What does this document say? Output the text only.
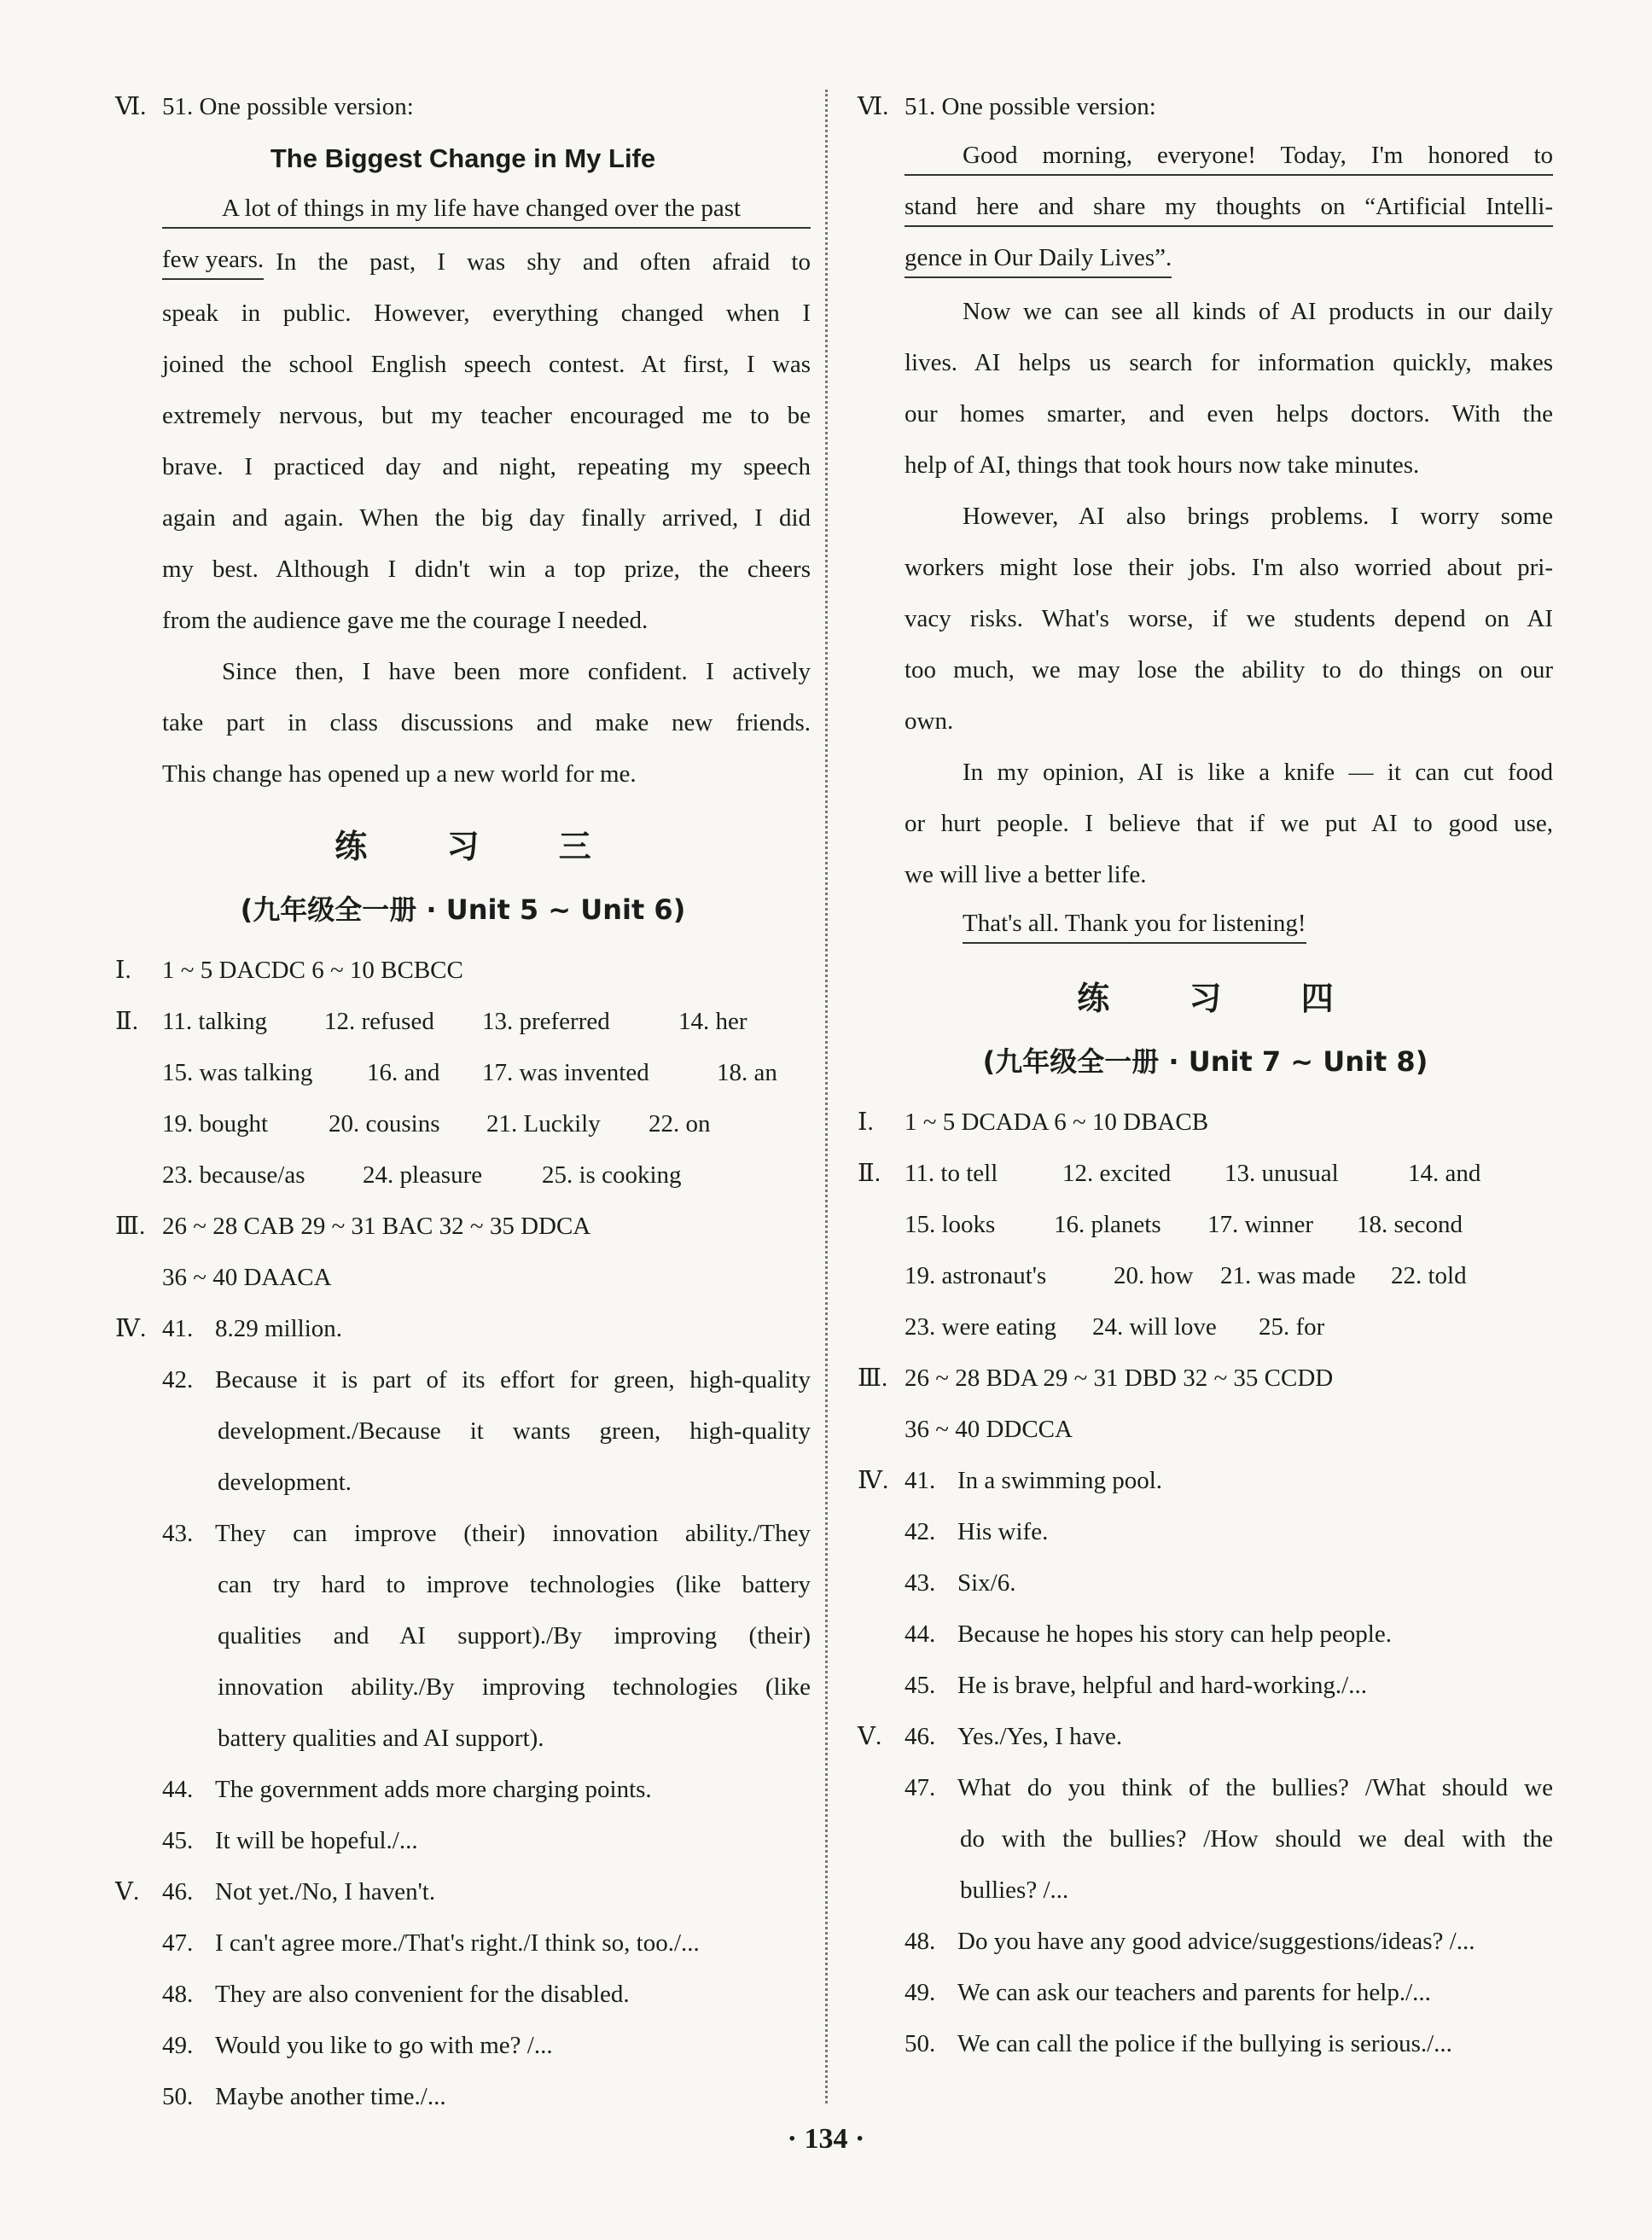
Ⅵ. 51. One possible version:
The Biggest Change in My Life
A lot of things in my life have changed over the past
few years. In the past, I was shy and often afraid to
speak in public. However, everything changed when I
joined the school English speech contest. At first, I was
extremely nervous, but my teacher encouraged me to be
brave. I practiced day and night, repeating my speech
again and again. When the big day finally arrived, I did
my best. Although I didn't win a top prize, the cheers
from the audience gave me the courage I needed.
Since then, I have been more confident. I actively
take part in class discussions and make new friends.
This change has opened up a new world for me.
练 习 三
(九年级全一册 · Unit 5 ~ Unit 6)
Ⅰ.	1 ~ 5 DACDC 6 ~ 10 BCBCC
Ⅱ. 11. talking	12. refused	13. preferred	14. her
15. was talking	16. and	17. was invented	18. an
19. bought	20. cousins	21. Luckily	22. on
23. because/as	24. pleasure	25. is cooking
Ⅲ. 26 ~ 28 CAB 29 ~ 31 BAC 32 ~ 35 DDCA
36 ~ 40 DAACA
Ⅳ. 41. 8.29 million.
42. Because it is part of its effort for green, high-quality
development./Because it wants green, high-quality
development.
43. They can improve (their) innovation ability./They
can try hard to improve technologies (like battery
qualities and AI support)./By improving (their)
innovation ability./By improving technologies (like
battery qualities and AI support).
44. The government adds more charging points.
45. It will be hopeful./...
Ⅴ. 46. Not yet./No, I haven't.
47. I can't agree more./That's right./I think so, too./...
48. They are also convenient for the disabled.
49. Would you like to go with me? /...
50. Maybe another time./...
Ⅵ. 51. One possible version:
Good morning, everyone! Today, I'm honored to
stand here and share my thoughts on “Artificial Intelli-
gence in Our Daily Lives”.
Now we can see all kinds of AI products in our daily
lives. AI helps us search for information quickly, makes
our homes smarter, and even helps doctors. With the
help of AI, things that took hours now take minutes.
However, AI also brings problems. I worry some
workers might lose their jobs. I'm also worried about pri-
vacy risks. What's worse, if we students depend on AI
too much, we may lose the ability to do things on our
own.
In my opinion, AI is like a knife — it can cut food
or hurt people. I believe that if we put AI to good use,
we will live a better life.
That's all. Thank you for listening!
练 习 四
(九年级全一册 · Unit 7 ~ Unit 8)
Ⅰ.	1 ~ 5 DCADA 6 ~ 10 DBACB
Ⅱ. 11. to tell	12. excited	13. unusual	14. and
15. looks	16. planets	17. winner	18. second
19. astronaut's	20. how	21. was made	22. told
23. were eating	24. will love	25. for
Ⅲ. 26 ~ 28 BDA 29 ~ 31 DBD 32 ~ 35 CCDD
36 ~ 40 DDCCA
Ⅳ. 41. In a swimming pool.
42. His wife.
43. Six/6.
44. Because he hopes his story can help people.
45. He is brave, helpful and hard-working./...
Ⅴ. 46. Yes./Yes, I have.
47. What do you think of the bullies? /What should we
do with the bullies? /How should we deal with the
bullies? /...
48. Do you have any good advice/suggestions/ideas? /...
49. We can ask our teachers and parents for help./...
50. We can call the police if the bullying is serious./...
· 134 ·
